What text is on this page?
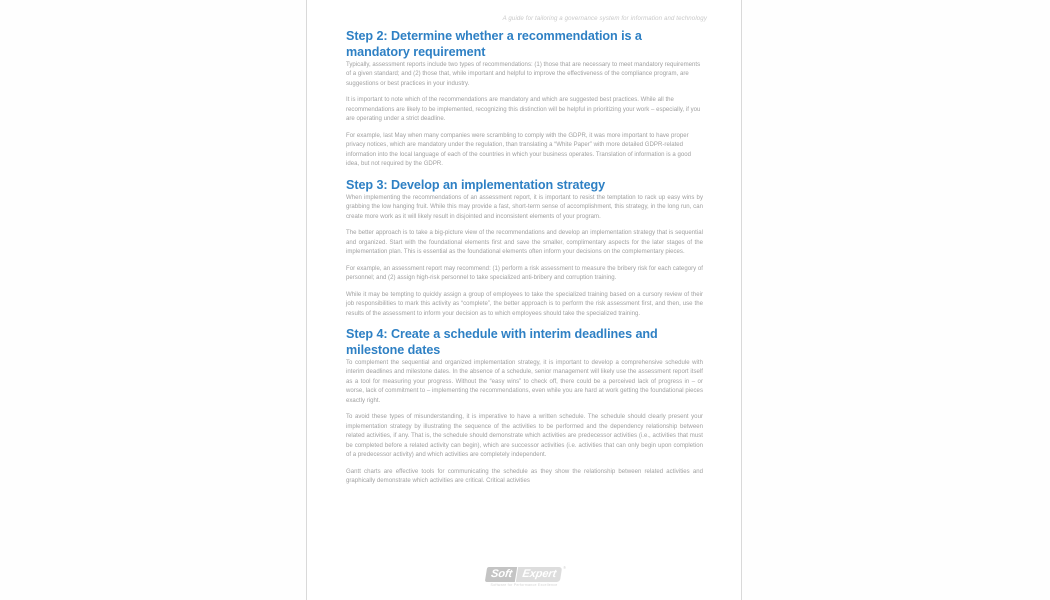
A guide for tailoring a governance system for information and technology
Step 2: Determine whether a recommendation is a mandatory requirement

Typically, assessment reports include two types of recommendations: (1) those that are necessary to meet mandatory requirements of a given standard; and (2) those that, while important and helpful to improve the effectiveness of the compliance program, are suggestions or best practices in your industry.

It is important to note which of the recommendations are mandatory and which are suggested best practices. While all the recommendations are likely to be implemented, recognizing this distinction will be helpful in prioritizing your work – especially, if you are operating under a strict deadline.

For example, last May when many companies were scrambling to comply with the GDPR, it was more important to have proper privacy notices, which are mandatory under the regulation, than translating a “White Paper” with more detailed GDPR-related information into the local language of each of the countries in which your business operates. Translation of information is a good idea, but not required by the GDPR.

Step 3: Develop an implementation strategy

When implementing the recommendations of an assessment report, it is important to resist the temptation to rack up easy wins by grabbing the low hanging fruit. While this may provide a fast, short-term sense of accomplishment, this strategy, in the long run, can create more work as it will likely result in disjointed and inconsistent elements of your program.

The better approach is to take a big-picture view of the recommendations and develop an implementation strategy that is sequential and organized. Start with the foundational elements first and save the smaller, complimentary aspects for the later stages of the implementation plan. This is essential as the foundational elements often inform your decisions on the complementary pieces.

For example, an assessment report may recommend: (1) perform a risk assessment to measure the bribery risk for each category of personnel; and (2) assign high-risk personnel to take specialized anti-bribery and corruption training.

While it may be tempting to quickly assign a group of employees to take the specialized training based on a cursory review of their job responsibilities to mark this activity as “complete”, the better approach is to perform the risk assessment first, and then, use the results of the assessment to inform your decision as to which employees should take the specialized training.

Step 4: Create a schedule with interim deadlines and milestone dates

To complement the sequential and organized implementation strategy, it is important to develop a comprehensive schedule with interim deadlines and milestone dates. In the absence of a schedule, senior management will likely use the assessment report itself as a tool for measuring your progress. Without the “easy wins” to check off, there could be a perceived lack of progress in – or worse, lack of commitment to – implementing the recommendations, even while you are hard at work getting the foundational pieces exactly right.

To avoid these types of misunderstanding, it is imperative to have a written schedule. The schedule should clearly present your implementation strategy by illustrating the sequence of the activities to be performed and the dependency relationship between related activities, if any. That is, the schedule should demonstrate which activities are predecessor activities (i.e., activities that must be completed before a related activity can begin), which are successor activities (i.e. activities that can only begin upon completion of a predecessor activity) and which activities are completely independent.

Gantt charts are effective tools for communicating the schedule as they show the relationship between related activities and graphically demonstrate which activities are critical. Critical activities

Soft Expert
®
Software for Performance Excellence
